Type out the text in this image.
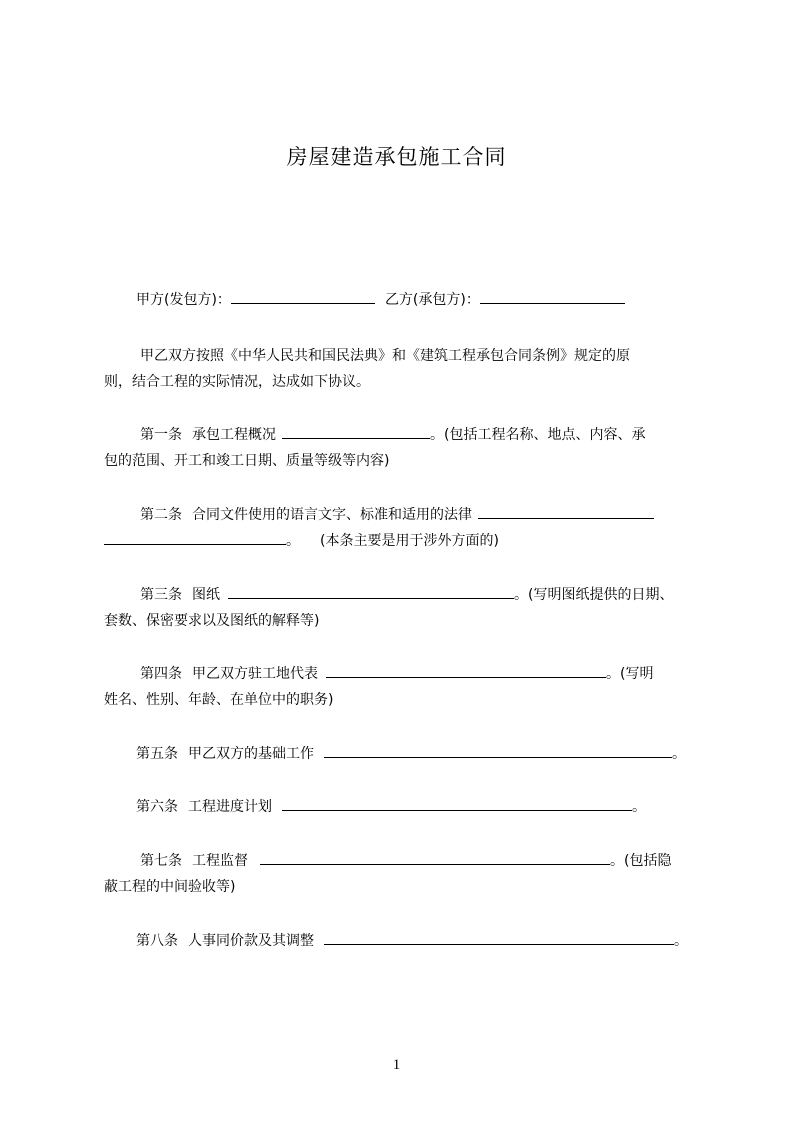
房屋建造承包施工合同
甲方(发包方)：	乙方(承包方)：
甲乙双方按照《中华人民共和国民法典》和《建筑工程承包合同条例》规定的原
则，结合工程的实际情况，达成如下协议。
第一条 承包工程概况	。(包括工程名称、地点、内容、承
包的范围、开工和竣工日期、质量等级等内容)
第二条 合同文件使用的语言文字、标准和适用的法律
。 (本条主要是用于涉外方面的)
第三条 图纸	。(写明图纸提供的日期、
套数、保密要求以及图纸的解释等)
第四条 甲乙双方驻工地代表	。(写明
姓名、性别、年龄、在单位中的职务)
第五条 甲乙双方的基础工作	。
第六条 工程进度计划	。
第七条 工程监督	。(包括隐
蔽工程的中间验收等)
第八条 人事同价款及其调整	。
1
